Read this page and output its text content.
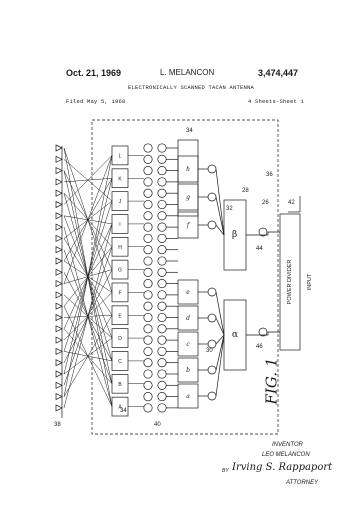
Oct. 21, 1969	L. MELANCON	3,474,447
ELECTRONICALLY SCANNED TACAN ANTENNA
Filed May 5, 1968	4 Sheets-Sheet 1
A
B
C
D
E
F
G
H
I
J
K
L
a
b
c
d
e
f
g
h
β
α
POWER DIVIDER	INPUT
FIG. 1
34
34
38	40
26
28
30
32
42
44
46
36
INVENTOR
LEO MELANCON
BY Irving S. Rappaport
ATTORNEY
